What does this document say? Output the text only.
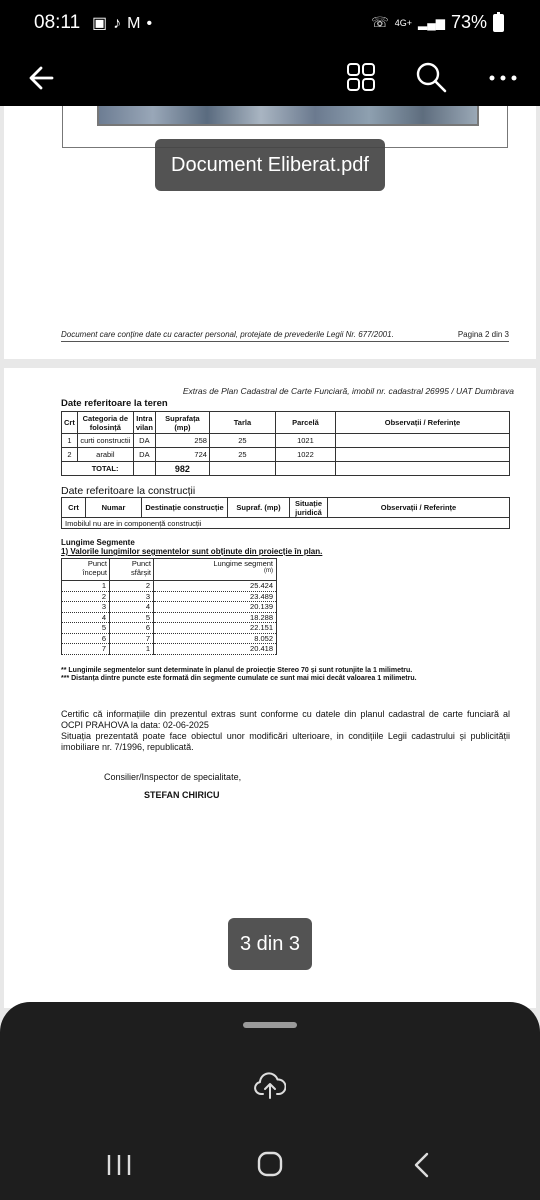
08:11 ▣♪M•	☏ 4G+ ▂▄▆ 73%
Document care conține date cu caracter personal, protejate de prevederile Legii Nr. 677/2001.	Pagina 2 din 3
Document Eliberat.pdf
Extras de Plan Cadastral de Carte Funciară, imobil nr. cadastral 26995 / UAT Dumbrava
Date referitoare la teren
Crt	Categoria de folosință	Intra vilan	Suprafața (mp)	Tarla	Parcelă	Observații / Referințe
1	curti constructii	DA	258	25	1021	
2	arabil	DA	724	25	1022	
	TOTAL:		982			
Date referitoare la construcții
Crt	Numar	Destinație construcție	Supraf. (mp)	Situație juridică	Observații / Referințe
Imobilul nu are in componență construcții
Lungime Segmente
1) Valorile lungimilor segmentelor sunt obținute din proiecție în plan.
Punct început	Punct sfârșit	Lungime segment
(m)

1	2	25.424
2	3	23.489
3	4	20.139
4	5	18.288
5	6	22.151
6	7	8.052
7	1	20.418
** Lungimile segmentelor sunt determinate în planul de proiecție Stereo 70 și sunt rotunjite la 1 milimetru.
*** Distanța dintre puncte este formată din segmente cumulate ce sunt mai mici decât valoarea 1 milimetru.
Certific că informațiile din prezentul extras sunt conforme cu datele din planul cadastral de carte funciară al OCPI PRAHOVA la data: 02-06-2025
Situația prezentată poate face obiectul unor modificări ulterioare, in condițiile Legii cadastrului și publicității imobiliare nr. 7/1996, republicată.
Consilier/Inspector de specialitate,
STEFAN CHIRICU
3 din 3
